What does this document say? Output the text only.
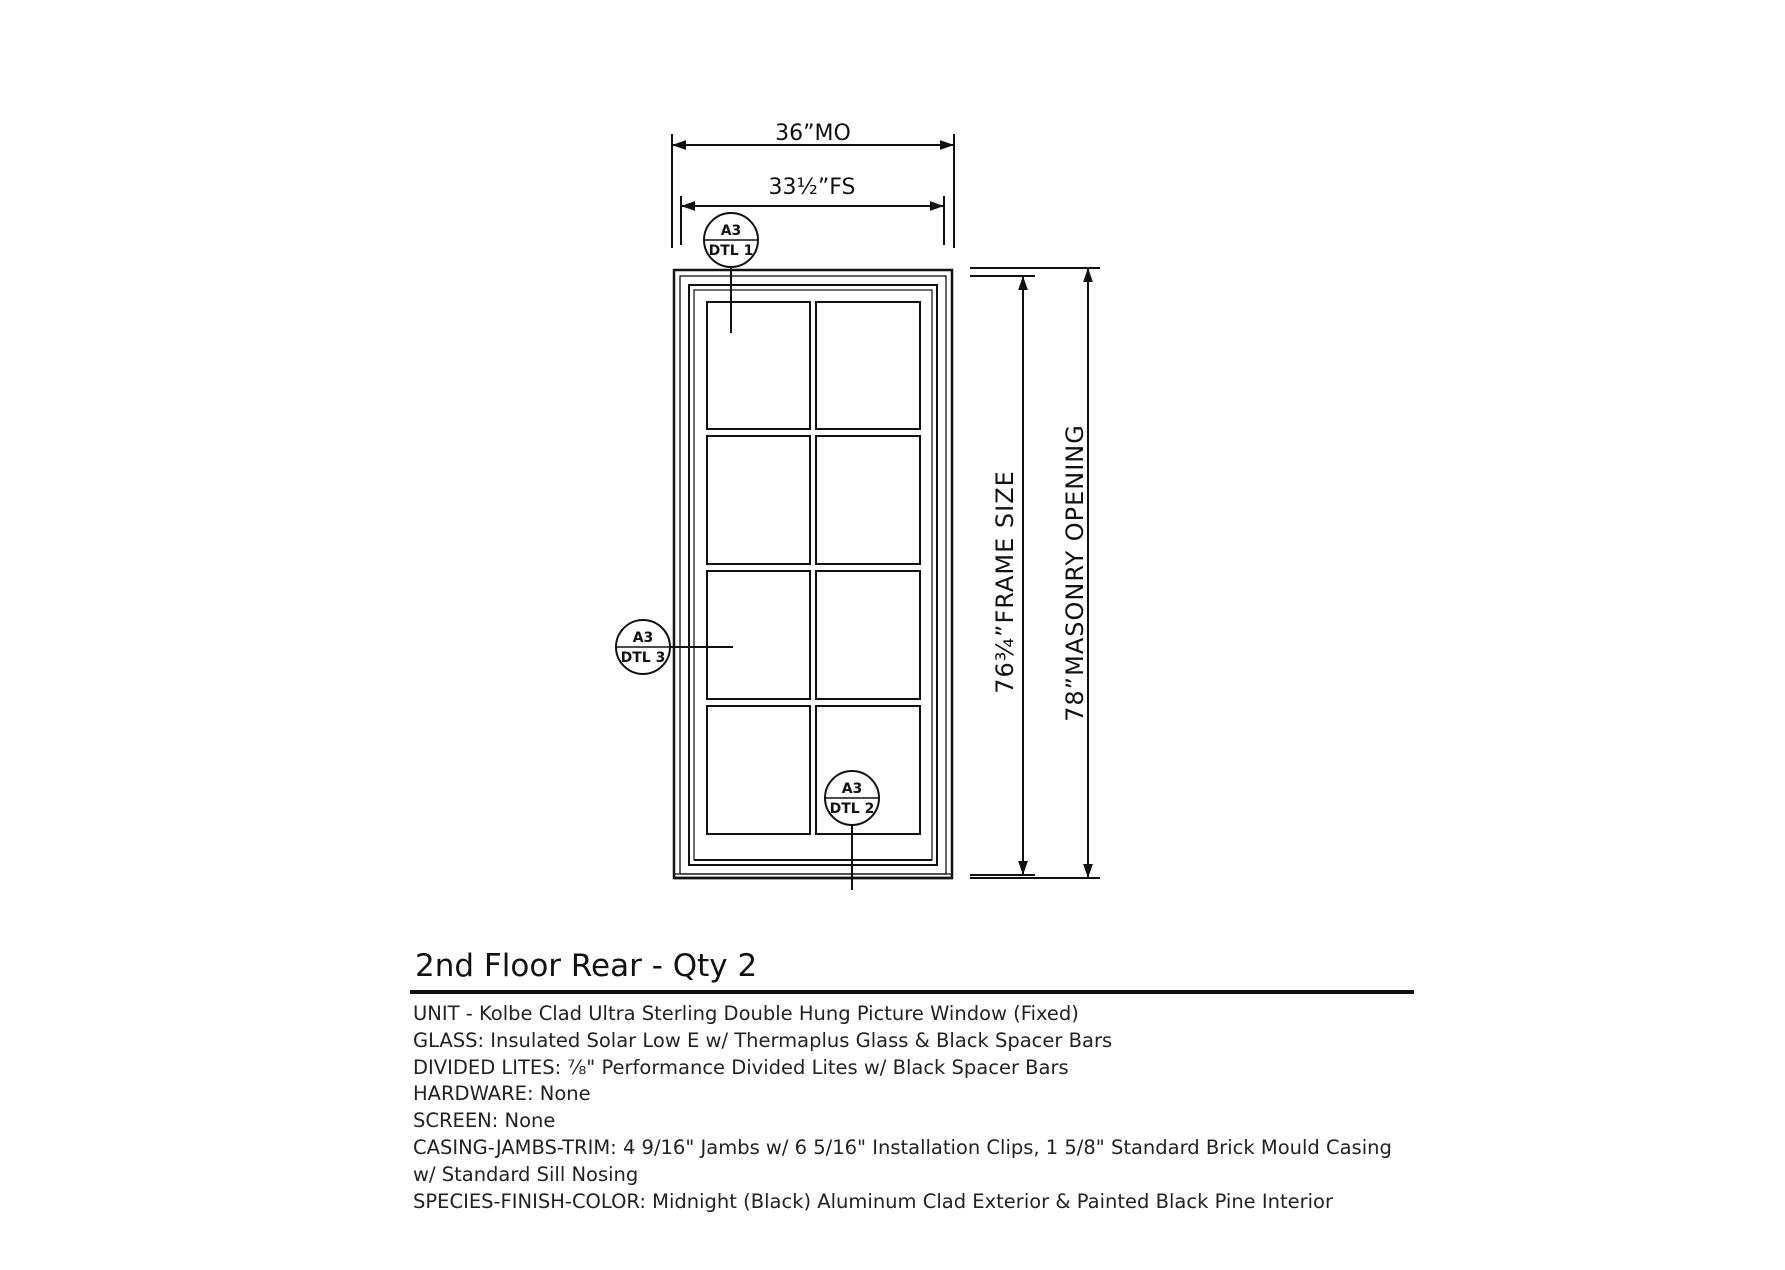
36”MO
33½”FS
76¾”FRAME SIZE 78”MASONRY OPENING
A3
DTL 1
A3
DTL 3
A3
DTL 2
2nd Floor Rear - Qty 2
UNIT - Kolbe Clad Ultra Sterling Double Hung Picture Window (Fixed)
GLASS: Insulated Solar Low E w/ Thermaplus Glass & Black Spacer Bars
DIVIDED LITES: ⅞" Performance Divided Lites w/ Black Spacer Bars
HARDWARE: None
SCREEN: None
CASING-JAMBS-TRIM: 4 9/16" Jambs w/ 6 5/16" Installation Clips, 1 5/8" Standard Brick Mould Casing
w/ Standard Sill Nosing
SPECIES-FINISH-COLOR: Midnight (Black) Aluminum Clad Exterior & Painted Black Pine Interior
